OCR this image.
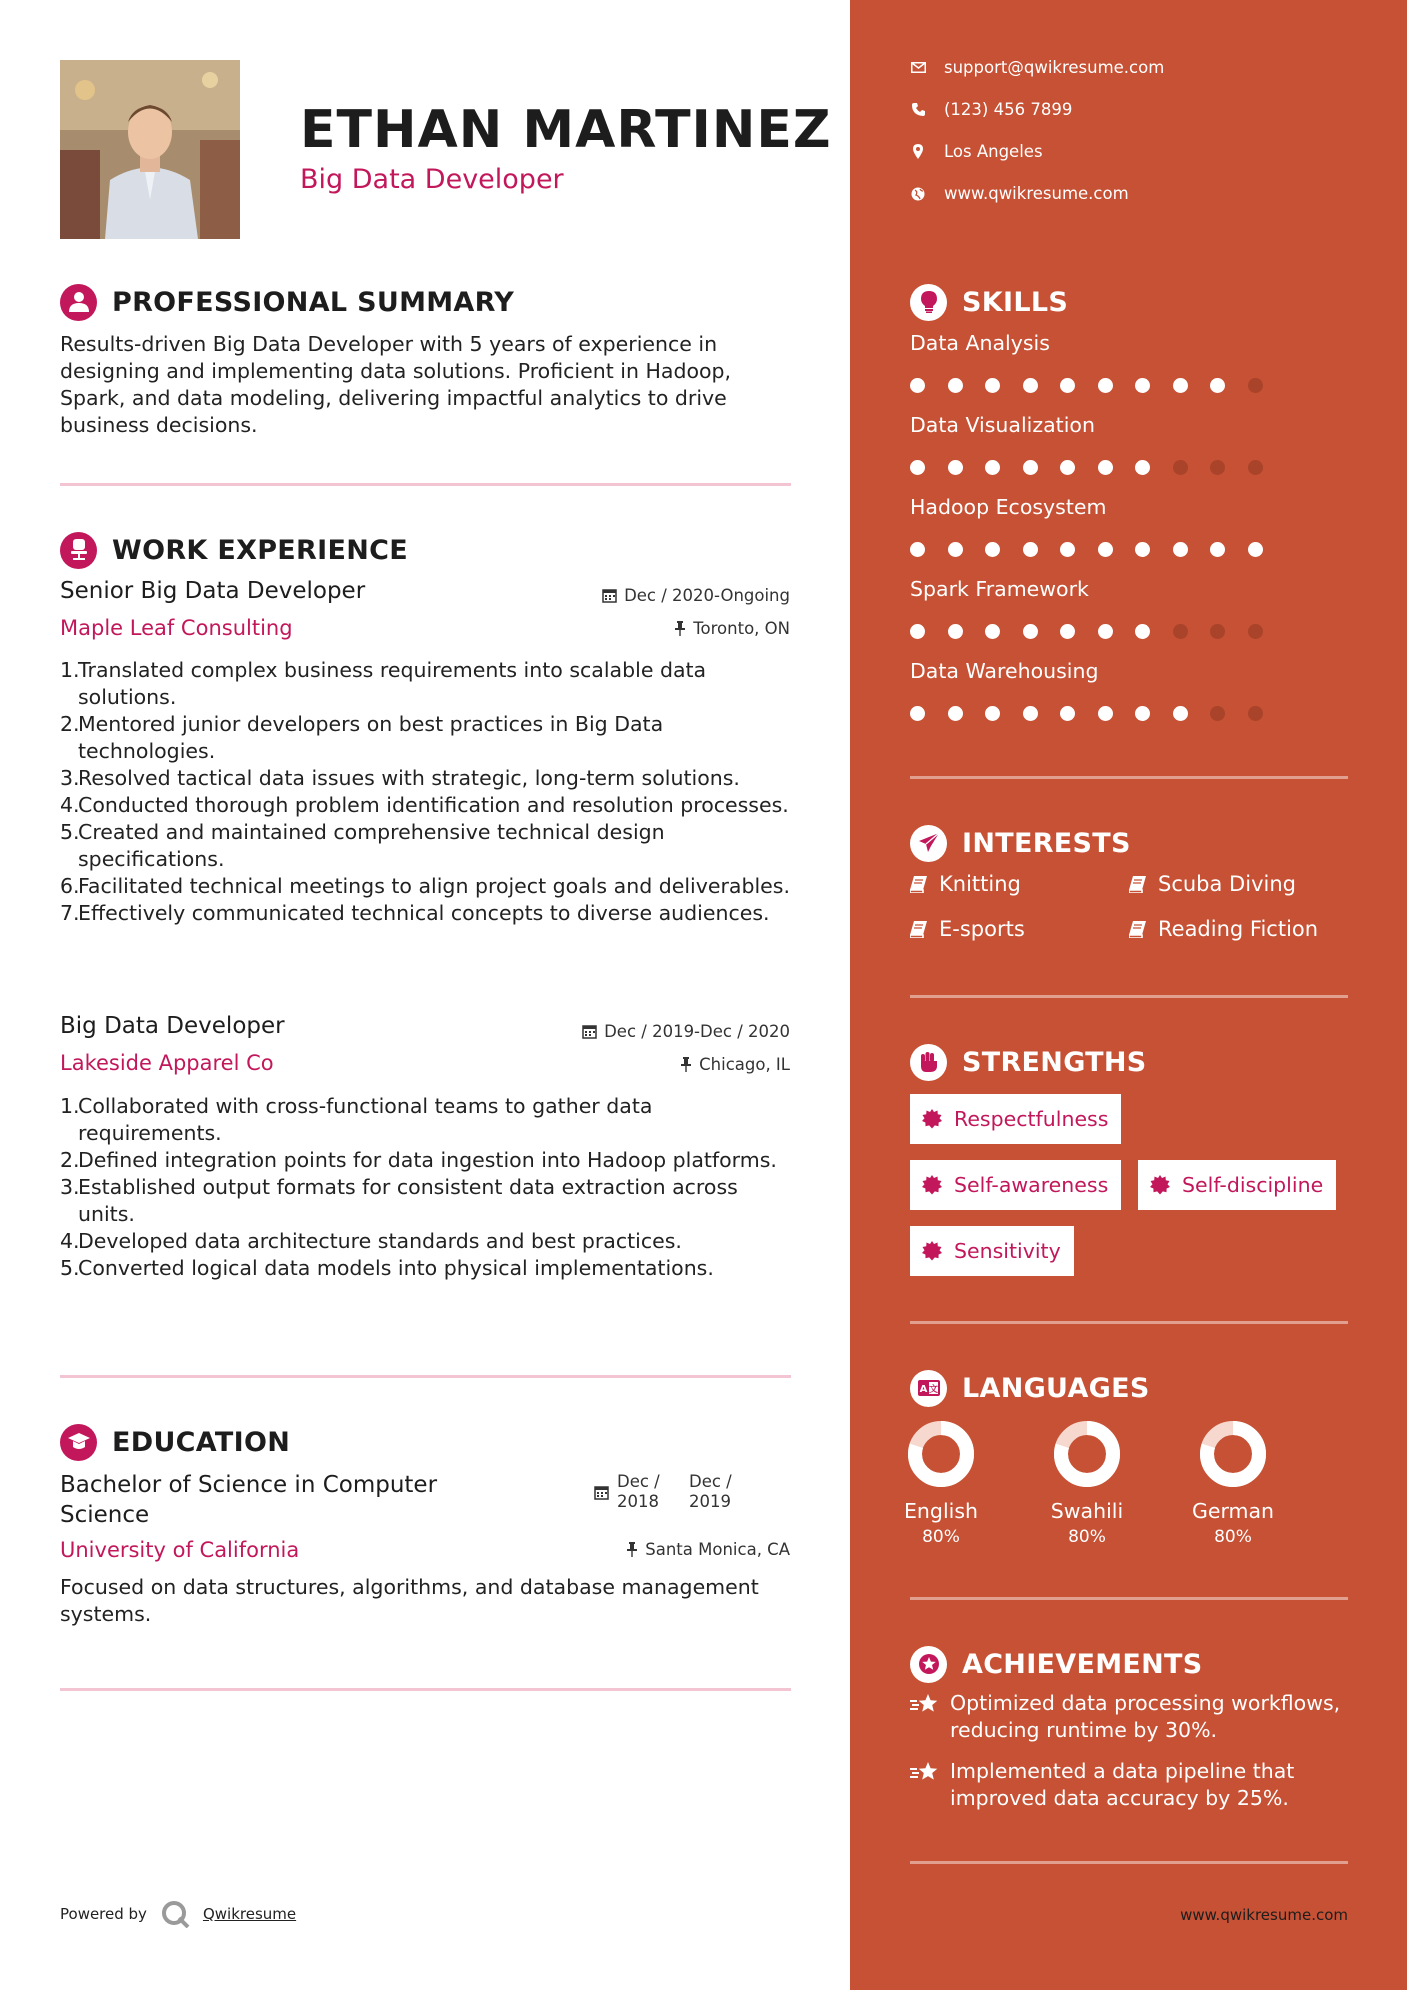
ETHAN MARTINEZ
Big Data Developer
PROFESSIONAL SUMMARY
Results-driven Big Data Developer with 5 years of experience in designing and implementing data solutions. Proficient in Hadoop, Spark, and data modeling, delivering impactful analytics to drive business decisions.
WORK EXPERIENCE
Senior Big Data Developer	Dec / 2020-Ongoing
Maple Leaf Consulting	Toronto, ON
Translated complex business requirements into scalable data solutions.
Mentored junior developers on best practices in Big Data technologies.
Resolved tactical data issues with strategic, long-term solutions.
Conducted thorough problem identification and resolution processes.
Created and maintained comprehensive technical design specifications.
Facilitated technical meetings to align project goals and deliverables.
Effectively communicated technical concepts to diverse audiences.
Big Data Developer	Dec / 2019-Dec / 2020
Lakeside Apparel Co	Chicago, IL
Collaborated with cross-functional teams to gather data requirements.
Defined integration points for data ingestion into Hadoop platforms.
Established output formats for consistent data extraction across units.
Developed data architecture standards and best practices.
Converted logical data models into physical implementations.
EDUCATION
Bachelor of Science in Computer
Science
Dec /
2018
Dec /
2019
University of California	Santa Monica, CA
Focused on data structures, algorithms, and database management systems.
Powered by	Qwikresume
support@qwikresume.com
(123) 456 7899
Los Angeles
www.qwikresume.com
SKILLS
Data Analysis
Data Visualization
Hadoop Ecosystem
Spark Framework
Data Warehousing
INTERESTS
Knitting	Scuba Diving
E-sports	Reading Fiction
STRENGTHS
Respectfulness
Self-awareness	Self-discipline
Sensitivity
A 文 LANGUAGES
English
80%
Swahili
80%
German
80%
ACHIEVEMENTS
Optimized data processing workflows, reducing runtime by 30%.
Implemented a data pipeline that improved data accuracy by 25%.
www.qwikresume.com
